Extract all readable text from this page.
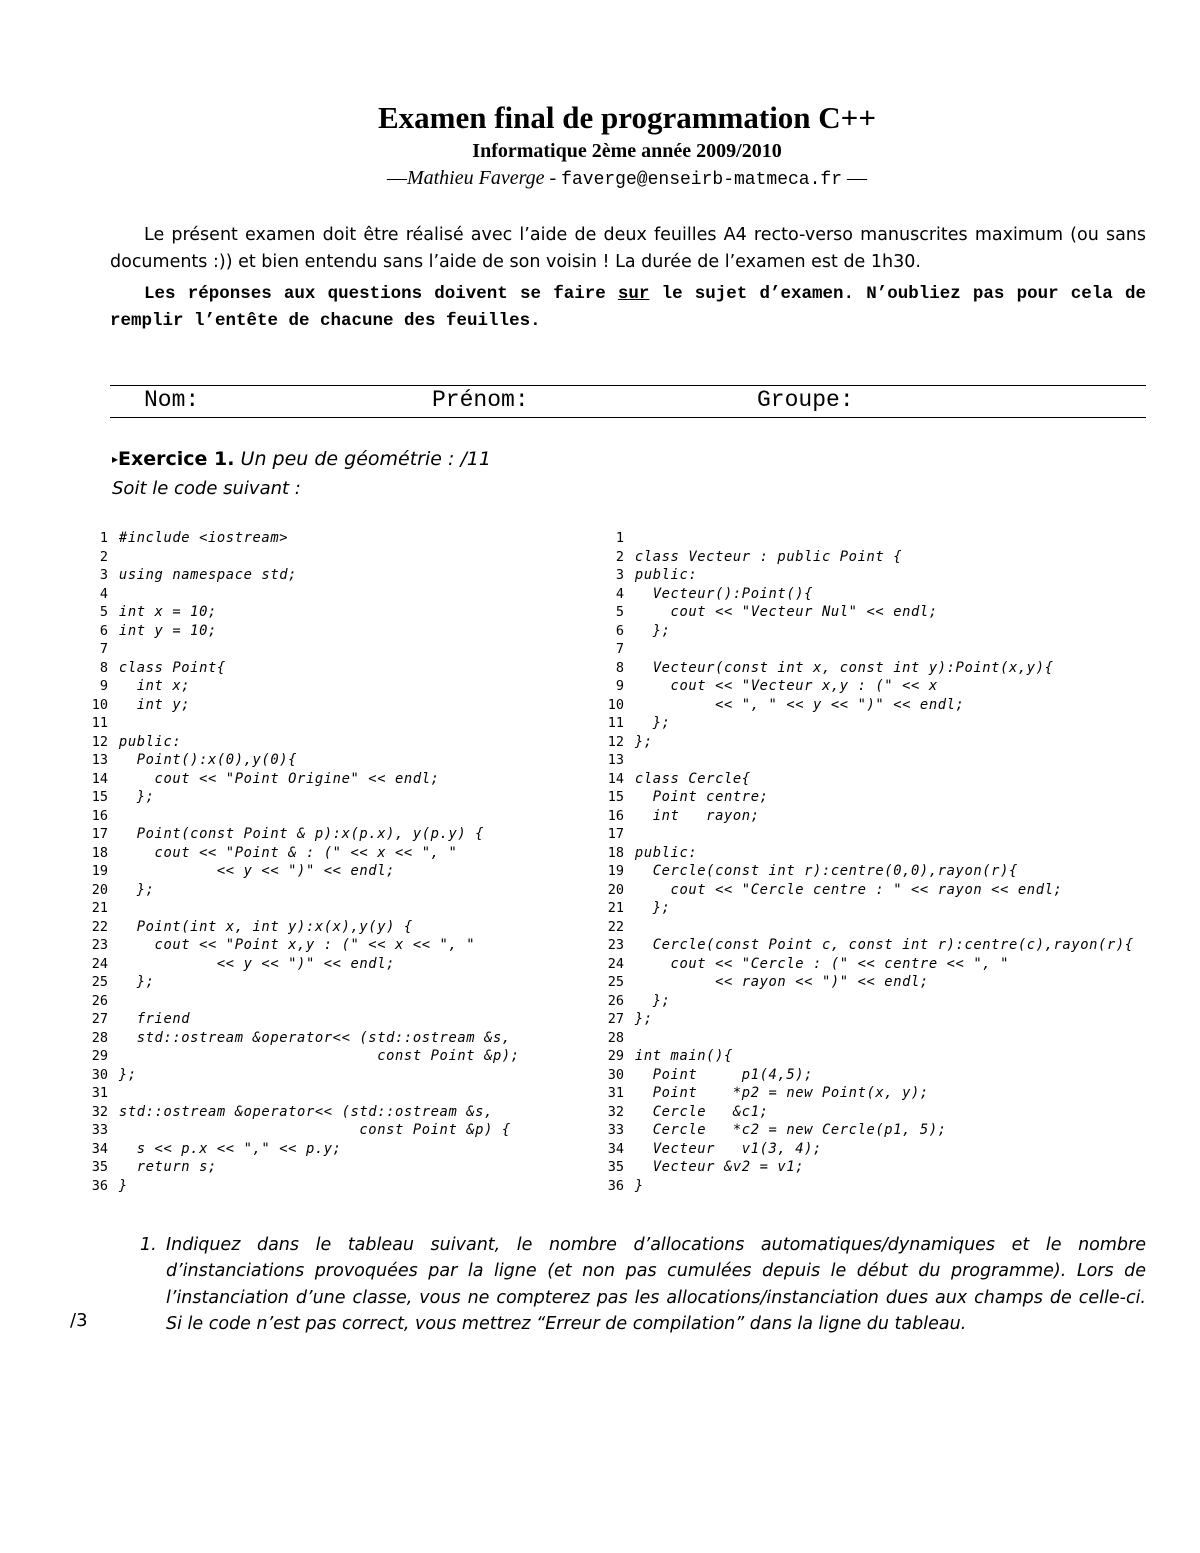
Examen final de programmation C++
Informatique 2ème année 2009/2010
—Mathieu Faverge - faverge@enseirb-matmeca.fr —
Le présent examen doit être réalisé avec l’aide de deux feuilles A4 recto-verso manuscrites maximum (ou sans documents :)) et bien entendu sans l’aide de son voisin ! La durée de l’examen est de 1h30.
Les réponses aux questions doivent se faire sur le sujet d’examen. N’oubliez pas pour cela de remplir l’entête de chacune des feuilles.
Nom:	Prénom:	Groupe:
▸Exercice 1. Un peu de géométrie : /11
Soit le code suivant :
1 #include <iostream>
2
3 using namespace std;
4
5 int x = 10;
6 int y = 10;
7
8 class Point{
9   int x;
10   int y;
11
12 public:
13   Point():x(0),y(0){
14     cout << "Point Origine" << endl;
15   };
16
17   Point(const Point & p):x(p.x), y(p.y) {
18     cout << "Point & : (" << x << ", "
19            << y << ")" << endl;
20   };
21
22   Point(int x, int y):x(x),y(y) {
23     cout << "Point x,y : (" << x << ", "
24            << y << ")" << endl;
25   };
26
27   friend
28   std::ostream &operator<< (std::ostream &s,
29                              const Point &p);
30 };
31
32 std::ostream &operator<< (std::ostream &s,
33                            const Point &p) {
34   s << p.x << "," << p.y;
35   return s;
36 }
1
2 class Vecteur : public Point {
3 public:
4   Vecteur():Point(){
5     cout << "Vecteur Nul" << endl;
6   };
7
8   Vecteur(const int x, const int y):Point(x,y){
9     cout << "Vecteur x,y : (" << x
10          << ", " << y << ")" << endl;
11   };
12 };
13
14 class Cercle{
15   Point centre;
16   int   rayon;
17
18 public:
19   Cercle(const int r):centre(0,0),rayon(r){
20     cout << "Cercle centre : " << rayon << endl;
21   };
22
23   Cercle(const Point c, const int r):centre(c),rayon(r){
24     cout << "Cercle : (" << centre << ", "
25          << rayon << ")" << endl;
26   };
27 };
28
29 int main(){
30   Point     p1(4,5);
31   Point    *p2 = new Point(x, y);
32   Cercle   &c1;
33   Cercle   *c2 = new Cercle(p1, 5);
34   Vecteur   v1(3, 4);
35   Vecteur &v2 = v1;
36 }
1. Indiquez dans le tableau suivant, le nombre d’allocations automatiques/dynamiques et le nombre d’instanciations provoquées par la ligne (et non pas cumulées depuis le début du programme). Lors de l’instanciation d’une classe, vous ne compterez pas les allocations/instanciation dues aux champs de celle-ci. Si le code n’est pas correct, vous mettrez “Erreur de compilation” dans la ligne du tableau.
/3
